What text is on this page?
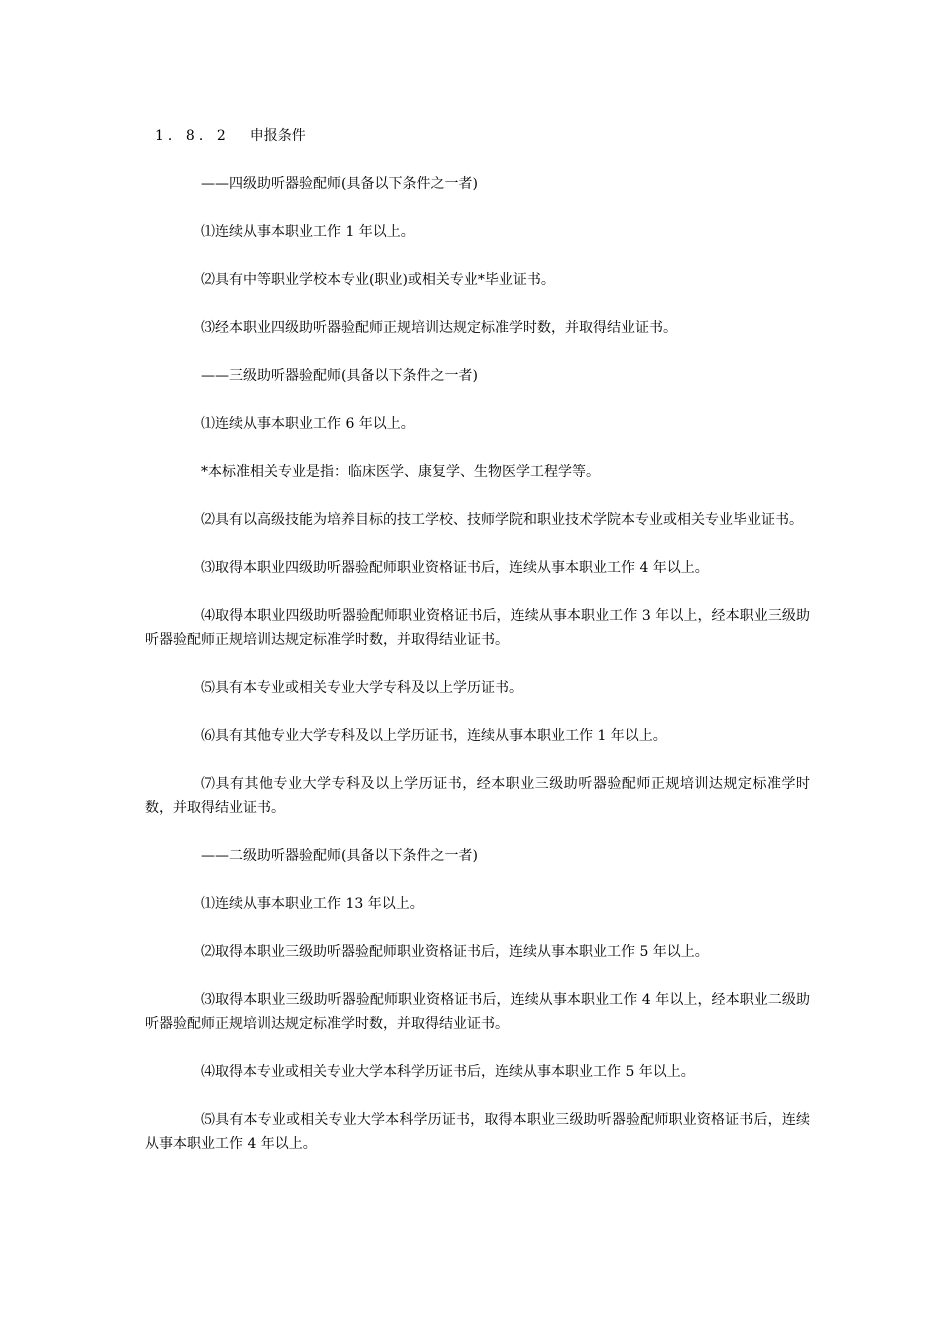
1．8．2 申报条件

——四级助听器验配师(具备以下条件之一者)

⑴连续从事本职业工作 1 年以上。

⑵具有中等职业学校本专业(职业)或相关专业*毕业证书。

⑶经本职业四级助听器验配师正规培训达规定标准学时数，并取得结业证书。

——三级助听器验配师(具备以下条件之一者)

⑴连续从事本职业工作 6 年以上。

*本标准相关专业是指：临床医学、康复学、生物医学工程学等。

⑵具有以高级技能为培养目标的技工学校、技师学院和职业技术学院本专业或相关专业毕业证书。

⑶取得本职业四级助听器验配师职业资格证书后，连续从事本职业工作 4 年以上。

⑷取得本职业四级助听器验配师职业资格证书后，连续从事本职业工作 3 年以上，经本职业三级助听器验配师正规培训达规定标准学时数，并取得结业证书。

⑸具有本专业或相关专业大学专科及以上学历证书。

⑹具有其他专业大学专科及以上学历证书，连续从事本职业工作 1 年以上。

⑺具有其他专业大学专科及以上学历证书，经本职业三级助听器验配师正规培训达规定标准学时数，并取得结业证书。

——二级助听器验配师(具备以下条件之一者)

⑴连续从事本职业工作 13 年以上。

⑵取得本职业三级助听器验配师职业资格证书后，连续从事本职业工作 5 年以上。

⑶取得本职业三级助听器验配师职业资格证书后，连续从事本职业工作 4 年以上，经本职业二级助听器验配师正规培训达规定标准学时数，并取得结业证书。

⑷取得本专业或相关专业大学本科学历证书后，连续从事本职业工作 5 年以上。

⑸具有本专业或相关专业大学本科学历证书，取得本职业三级助听器验配师职业资格证书后，连续从事本职业工作 4 年以上。
